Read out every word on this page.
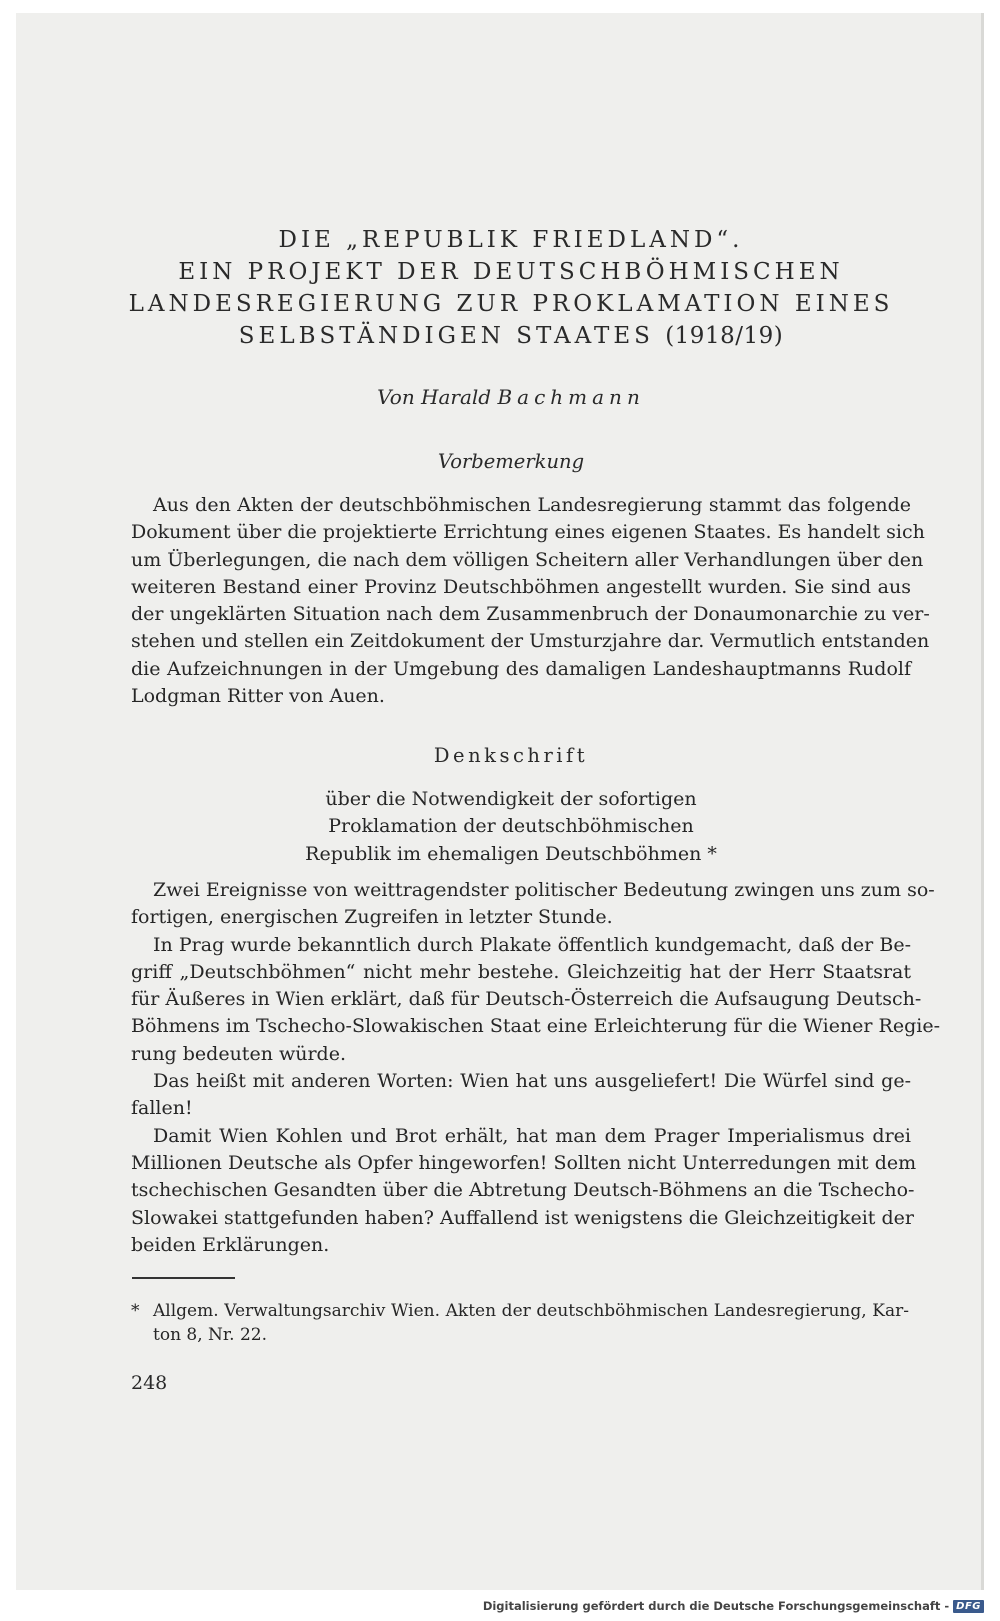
DIE „REPUBLIK FRIEDLAND“.
EIN PROJEKT DER DEUTSCHBÖHMISCHEN
LANDESREGIERUNG ZUR PROKLAMATION EINES
SELBSTÄNDIGEN STAATES (1918/19)
Von Harald Bachmann
Vorbemerkung
Aus den Akten der deutschböhmischen Landesregierung stammt das folgende
Dokument über die projektierte Errichtung eines eigenen Staates. Es handelt sich
um Überlegungen, die nach dem völligen Scheitern aller Verhandlungen über den
weiteren Bestand einer Provinz Deutschböhmen angestellt wurden. Sie sind aus
der ungeklärten Situation nach dem Zusammenbruch der Donaumonarchie zu ver-
stehen und stellen ein Zeitdokument der Umsturzjahre dar. Vermutlich entstanden
die Aufzeichnungen in der Umgebung des damaligen Landeshauptmanns Rudolf
Lodgman Ritter von Auen.
Denkschrift
über die Notwendigkeit der sofortigen
Proklamation der deutschböhmischen
Republik im ehemaligen Deutschböhmen *
Zwei Ereignisse von weittragendster politischer Bedeutung zwingen uns zum so-
fortigen, energischen Zugreifen in letzter Stunde.
In Prag wurde bekanntlich durch Plakate öffentlich kundgemacht, daß der Be-
griff „Deutschböhmen“ nicht mehr bestehe. Gleichzeitig hat der Herr Staatsrat
für Äußeres in Wien erklärt, daß für Deutsch-Österreich die Aufsaugung Deutsch-
Böhmens im Tschecho-Slowakischen Staat eine Erleichterung für die Wiener Regie-
rung bedeuten würde.
Das heißt mit anderen Worten: Wien hat uns ausgeliefert! Die Würfel sind ge-
fallen!
Damit Wien Kohlen und Brot erhält, hat man dem Prager Imperialismus drei
Millionen Deutsche als Opfer hingeworfen! Sollten nicht Unterredungen mit dem
tschechischen Gesandten über die Abtretung Deutsch-Böhmens an die Tschecho-
Slowakei stattgefunden haben? Auffallend ist wenigstens die Gleichzeitigkeit der
beiden Erklärungen.
* Allgem. Verwaltungsarchiv Wien. Akten der deutschböhmischen Landesregierung, Kar-
ton 8, Nr. 22.
248
Digitalisierung gefördert durch die Deutsche Forschungsgemeinschaft - DFG
